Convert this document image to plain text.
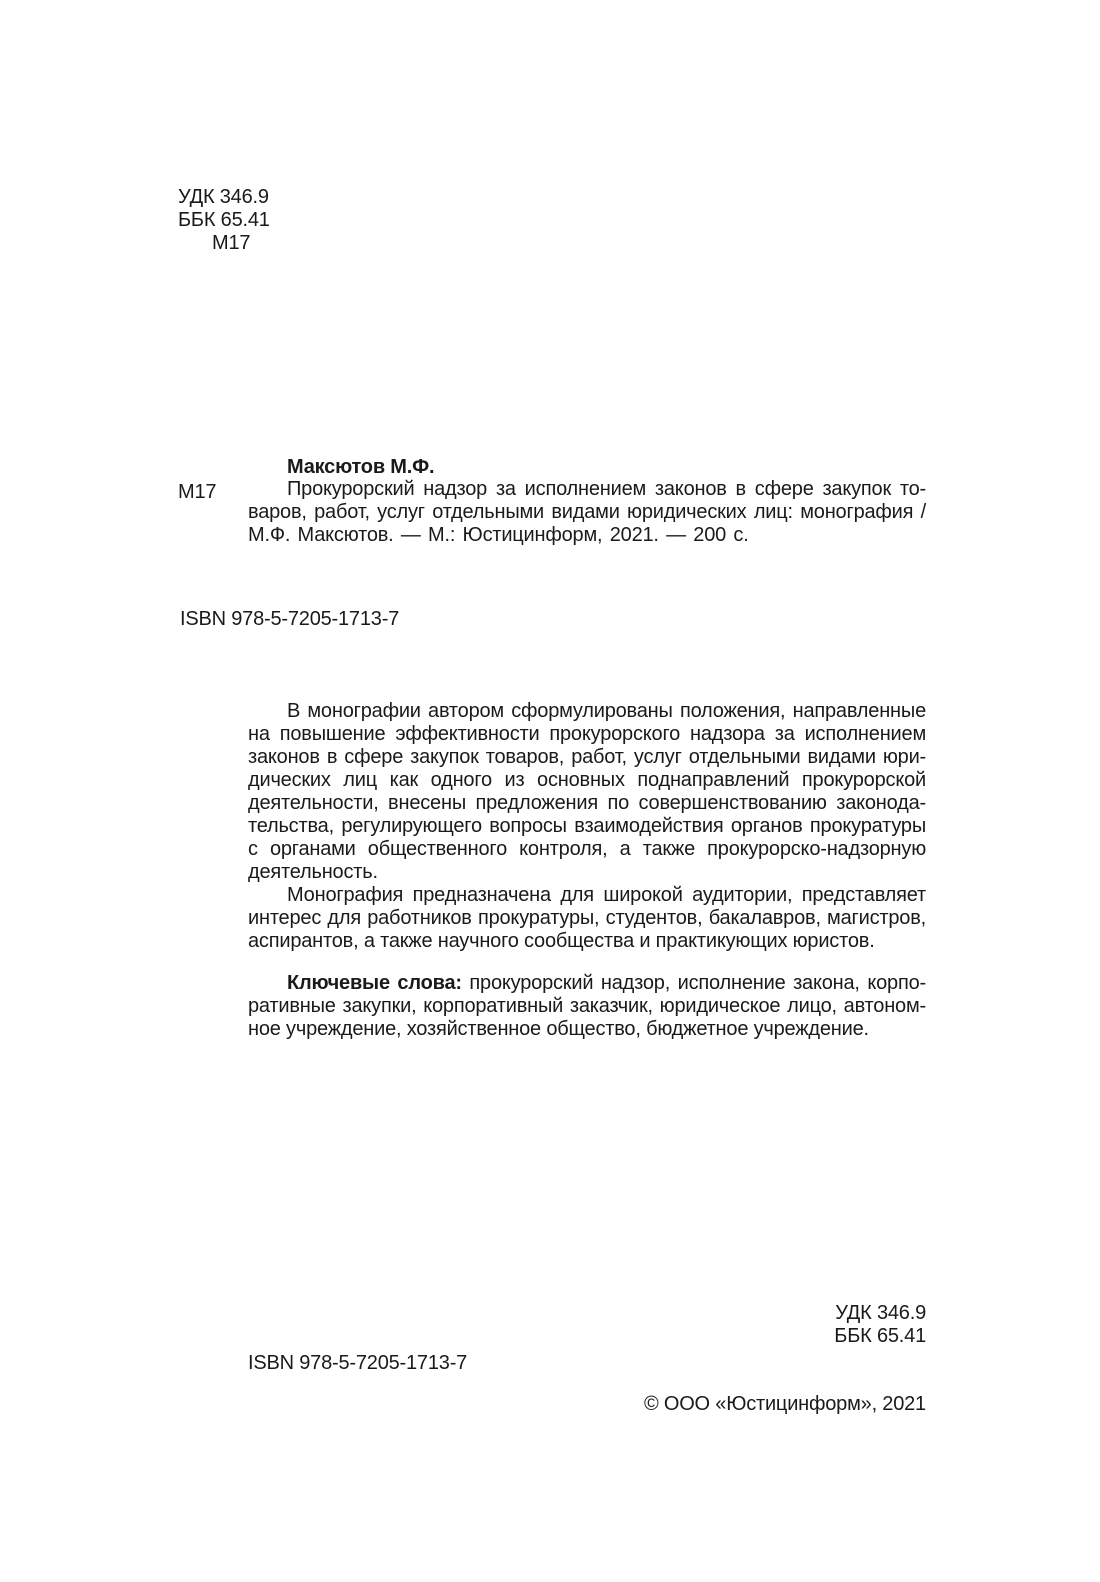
УДК 346.9
ББК 65.41
М17
М17
Максютов М.Ф.
Прокурорский надзор за исполнением законов в сфере закупок то-
варов, работ, услуг отдельными видами юридических лиц: монография /
М.Ф. Максютов. — М.: Юстицинформ, 2021. — 200 с.
ISBN 978-5-7205-1713-7
В монографии автором сформулированы положения, направленные
на повышение эффективности прокурорского надзора за исполнением
законов в сфере закупок товаров, работ, услуг отдельными видами юри-
дических лиц как одного из основных поднаправлений прокурорской
деятельности, внесены предложения по совершенствованию законода-
тельства, регулирующего вопросы взаимодействия органов прокуратуры
с органами общественного контроля, а также прокурорско-надзорную
деятельность.
Монография предназначена для широкой аудитории, представляет
интерес для работников прокуратуры, студентов, бакалавров, магистров,
аспирантов, а также научного сообщества и практикующих юристов.
Ключевые слова: прокурорский надзор, исполнение закона, корпо-
ративные закупки, корпоративный заказчик, юридическое лицо, автоном-
ное учреждение, хозяйственное общество, бюджетное учреждение.
УДК 346.9
ББК 65.41
ISBN 978-5-7205-1713-7
© ООО «Юстицинформ», 2021
